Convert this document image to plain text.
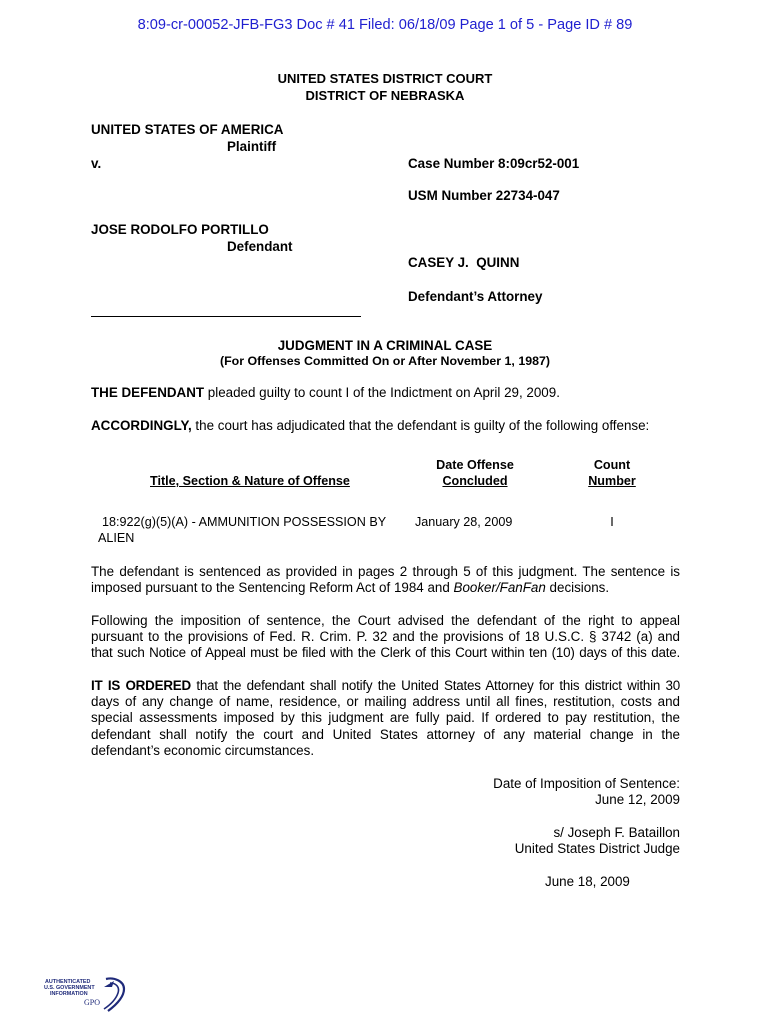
8:09-cr-00052-JFB-FG3 Doc # 41 Filed: 06/18/09 Page 1 of 5 - Page ID # 89
UNITED STATES DISTRICT COURT
DISTRICT OF NEBRASKA
UNITED STATES OF AMERICA
Plaintiff
v.	Case Number 8:09cr52-001
USM Number 22734-047
JOSE RODOLFO PORTILLO
Defendant
CASEY J.  QUINN
Defendant’s Attorney
JUDGMENT IN A CRIMINAL CASE
(For Offenses Committed On or After November 1, 1987)
THE DEFENDANT pleaded guilty to count I of the Indictment on April 29, 2009.
ACCORDINGLY, the court has adjudicated that the defendant is guilty of the following offense:
Title, Section & Nature of Offense
Date Offense
Concluded
Count
Number
18:922(g)(5)(A) - AMMUNITION POSSESSION BY
ALIEN
January 28, 2009	I
The defendant is sentenced as provided in pages 2 through 5 of this judgment. The sentence is
imposed pursuant to the Sentencing Reform Act of 1984 and Booker/FanFan decisions.
Following the imposition of sentence, the Court advised the defendant of the right to appeal
pursuant to the provisions of Fed. R. Crim. P. 32 and the provisions of 18 U.S.C. § 3742 (a) and
that such Notice of Appeal must be filed with the Clerk of this Court within ten (10) days of this date.
IT IS ORDERED that the defendant shall notify the United States Attorney for this district within 30
days of any change of name, residence, or mailing address until all fines, restitution, costs and
special assessments imposed by this judgment are fully paid. If ordered to pay restitution, the
defendant shall notify the court and United States attorney of any material change in the
defendant’s economic circumstances.
Date of Imposition of Sentence:
June 12, 2009
s/ Joseph F. Bataillon
United States District Judge
June 18, 2009
AUTHENTICATED
U.S. GOVERNMENT
INFORMATION
GPO
